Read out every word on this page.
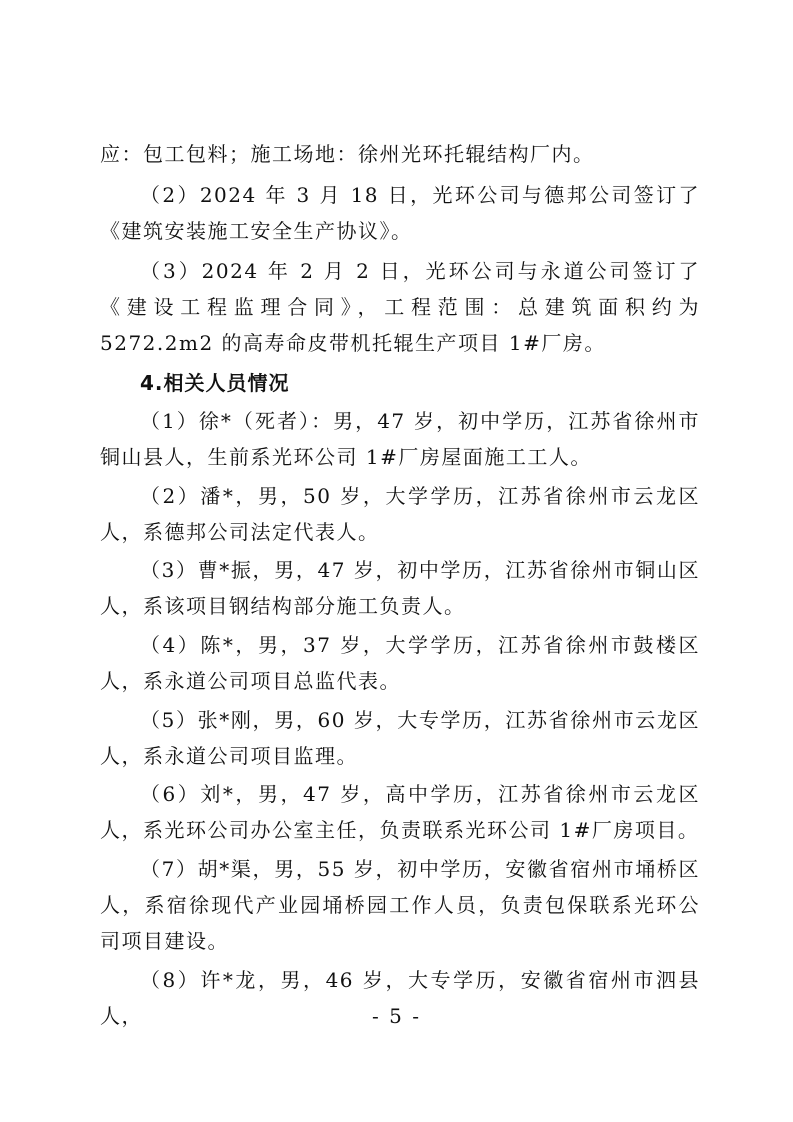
应：包工包料；施工场地：徐州光环托辊结构厂内。

（2）2024 年 3 月 18 日，光环公司与德邦公司签订了《建筑安装施工安全生产协议》。

（3）2024 年 2 月 2 日，光环公司与永道公司签订了《建设工程监理合同》，工程范围：总建筑面积约为 5272.2m2 的高寿命皮带机托辊生产项目 1#厂房。

4.相关人员情况

（1）徐*（死者）：男，47 岁，初中学历，江苏省徐州市铜山县人，生前系光环公司 1#厂房屋面施工工人。

（2）潘*，男，50 岁，大学学历，江苏省徐州市云龙区人，系德邦公司法定代表人。

（3）曹*振，男，47 岁，初中学历，江苏省徐州市铜山区人，系该项目钢结构部分施工负责人。

（4）陈*，男，37 岁，大学学历，江苏省徐州市鼓楼区人，系永道公司项目总监代表。

（5）张*刚，男，60 岁，大专学历，江苏省徐州市云龙区人，系永道公司项目监理。

（6）刘*，男，47 岁，高中学历，江苏省徐州市云龙区人，系光环公司办公室主任，负责联系光环公司 1#厂房项目。

（7）胡*渠，男，55 岁，初中学历，安徽省宿州市埇桥区人，系宿徐现代产业园埇桥园工作人员，负责包保联系光环公司项目建设。

（8）许*龙，男，46 岁，大专学历，安徽省宿州市泗县人，	- 5 -
